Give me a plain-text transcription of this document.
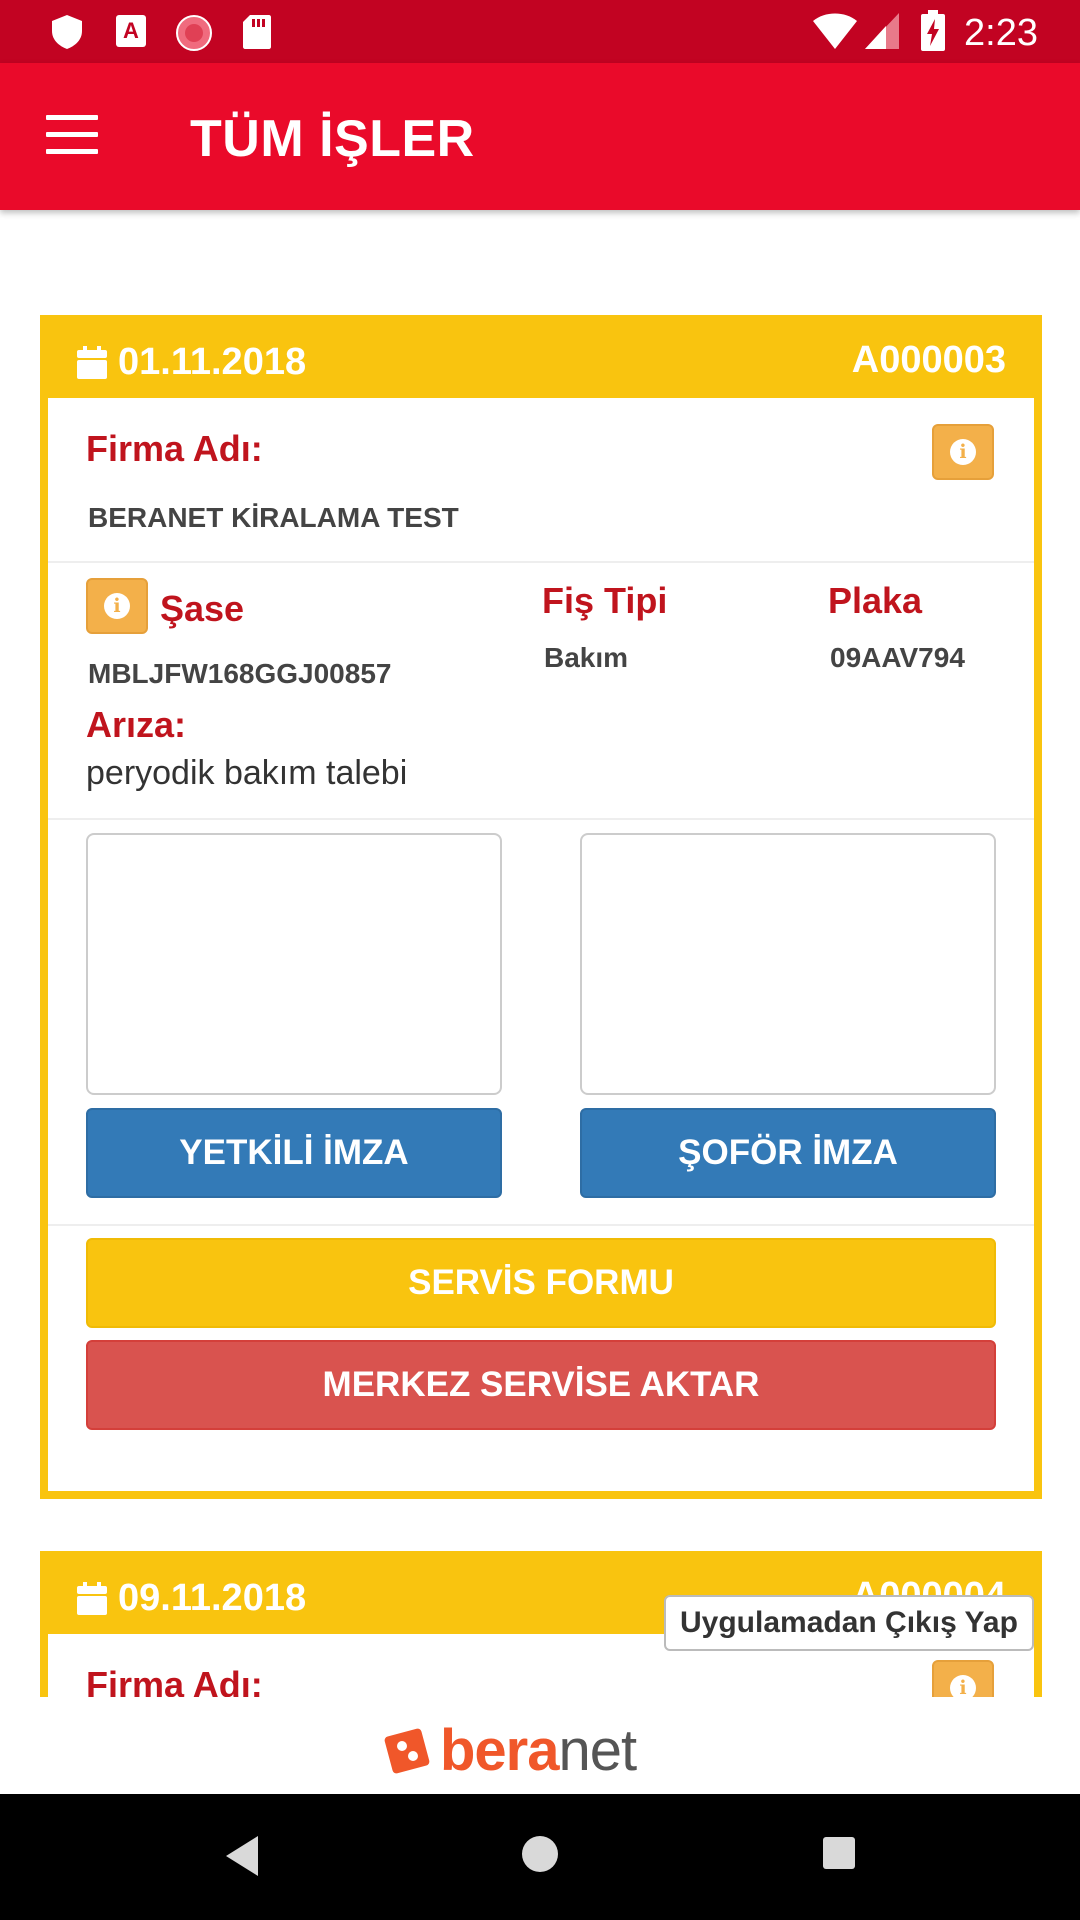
A	2:23
TÜM İŞLER
01.11.2018	A000003
Firma Adı:	i
BERANET KİRALAMA TEST
i Şase
MBLJFW168GGJ00857
Fiş Tipi
Bakım
Plaka
09AAV794
Arıza:
peryodik bakım talebi
YETKİLİ İMZA	ŞOFÖR İMZA
SERVİS FORMU
MERKEZ SERVİSE AKTAR
09.11.2018
Firma Adı:	i
Uygulamadan Çıkış Yap
beranet
